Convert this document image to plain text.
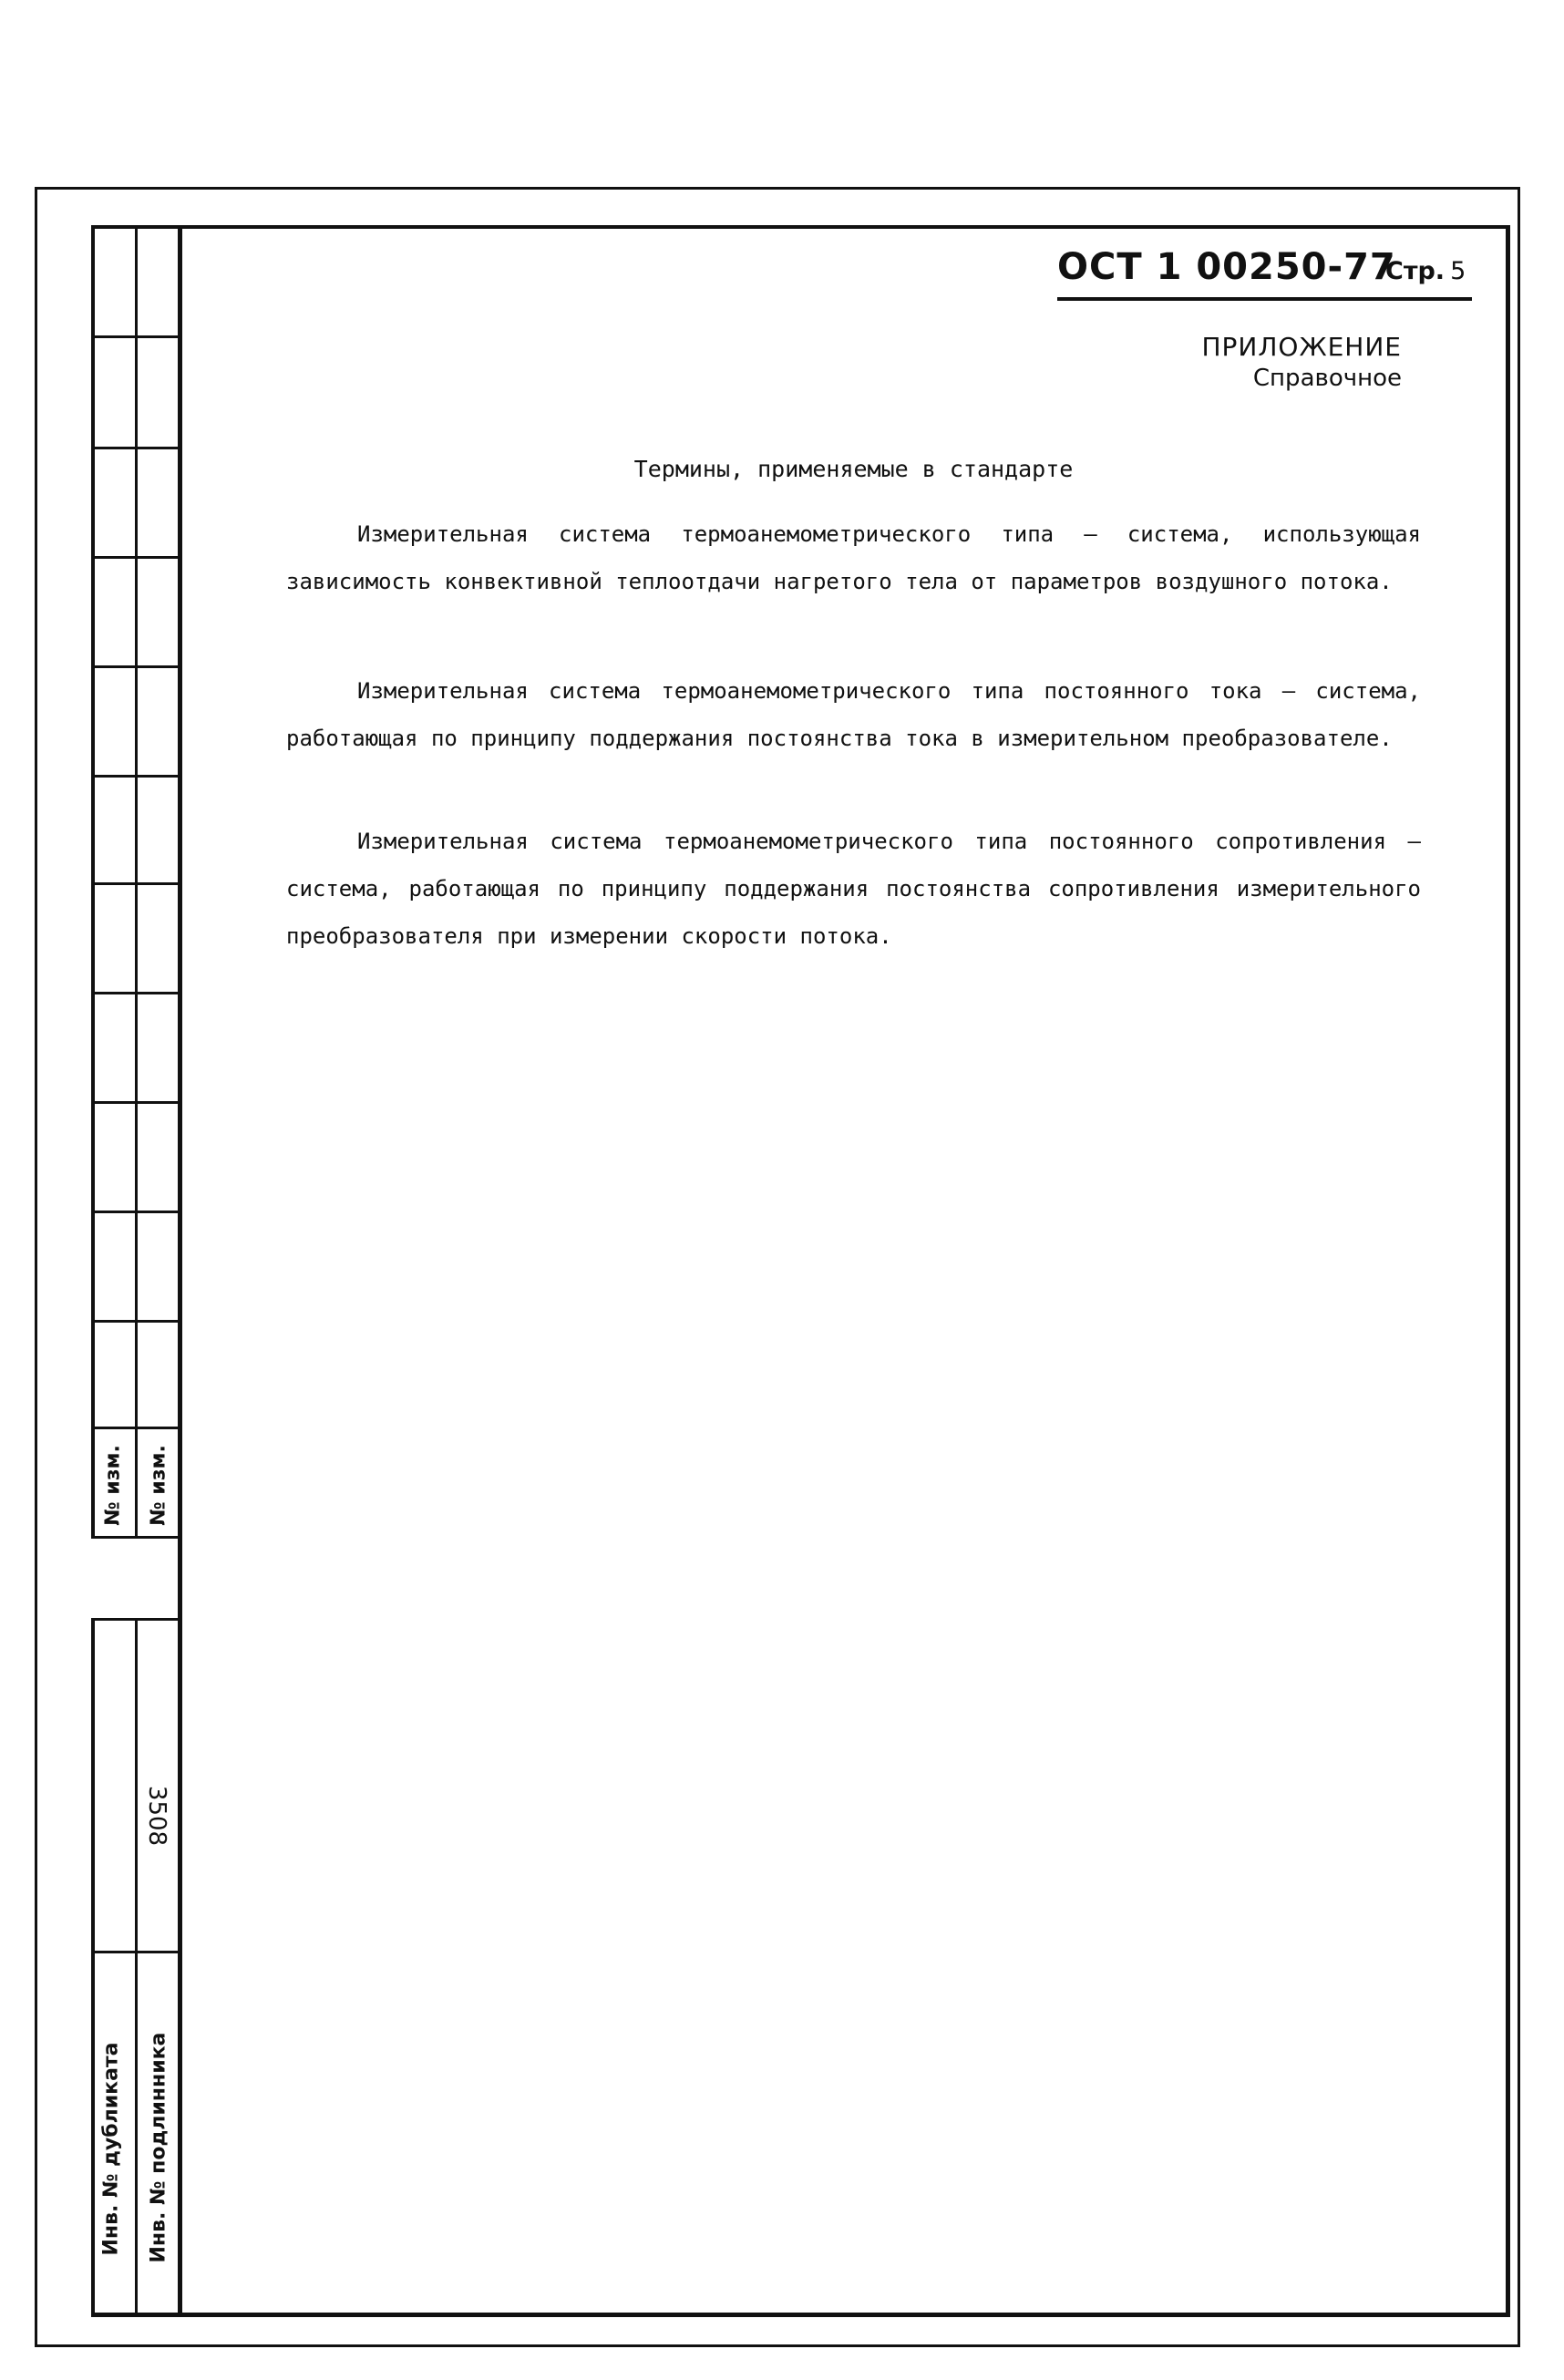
№ изм. № изм.
3508
Инв. № дубликата Инв. № подлинника
ОСТ 1 00250-77
Стр. 5
ПРИЛОЖЕНИЕ
Справочное
Термины, применяемые в стандарте

Измерительная система термоанемометрического типа – система, использующая зависимость конвективной теплоотдачи нагретого тела от параметров воздушного потока.

Измерительная система термоанемометрического типа постоянного тока – система, работающая по принципу поддержания постоянства тока в измерительном преобразователе.

Измерительная система термоанемометрического типа постоянного сопротивления – система, работающая по принципу поддержания постоянства сопротивления измерительного преобразователя при измерении скорости потока.
